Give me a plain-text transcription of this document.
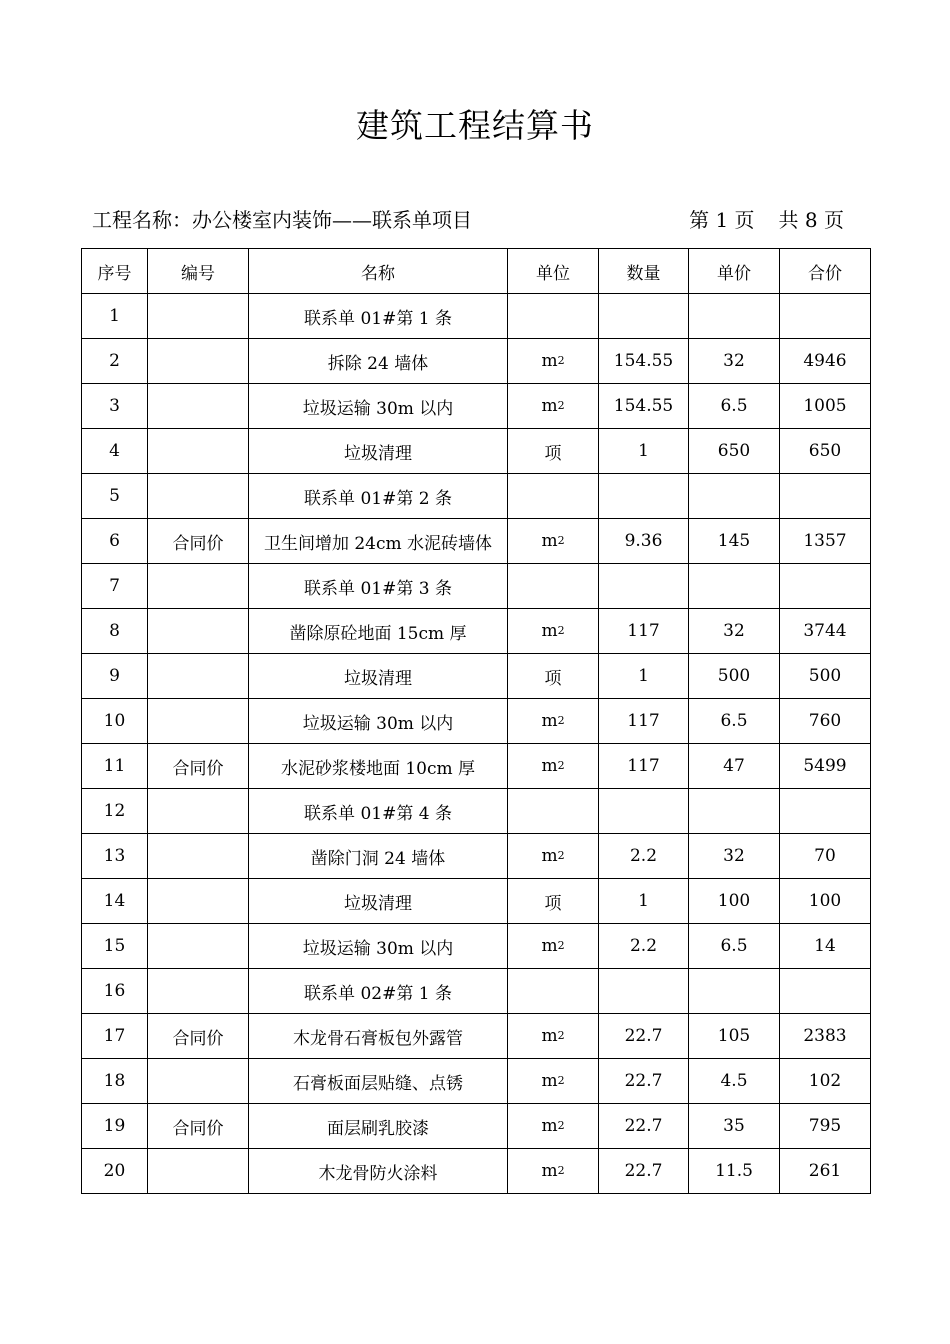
建筑工程结算书
工程名称：办公楼室内装饰——联系单项目	第 1 页 共 8 页
序号	编号	名称	单位	数量	单价	合价
1		联系单 01#第 1 条				
2		拆除 24 墙体	$m^2$	154.55	32	4946
3		垃圾运输 30m 以内	$m^2$	154.55	6.5	1005
4		垃圾清理	项	1	650	650
5		联系单 01#第 2 条				
6	合同价	卫生间增加 24cm 水泥砖墙体	$m^2$	9.36	145	1357
7		联系单 01#第 3 条				
8		凿除原砼地面 15cm 厚	$m^2$	117	32	3744
9		垃圾清理	项	1	500	500
10		垃圾运输 30m 以内	$m^2$	117	6.5	760
11	合同价	水泥砂浆楼地面 10cm 厚	$m^2$	117	47	5499
12		联系单 01#第 4 条				
13		凿除门洞 24 墙体	$m^2$	2.2	32	70
14		垃圾清理	项	1	100	100
15		垃圾运输 30m 以内	$m^2$	2.2	6.5	14
16		联系单 02#第 1 条				
17	合同价	木龙骨石膏板包外露管	$m^2$	22.7	105	2383
18		石膏板面层贴缝、点锈	$m^2$	22.7	4.5	102
19	合同价	面层刷乳胶漆	$m^2$	22.7	35	795
20		木龙骨防火涂料	$m^2$	22.7	11.5	261
